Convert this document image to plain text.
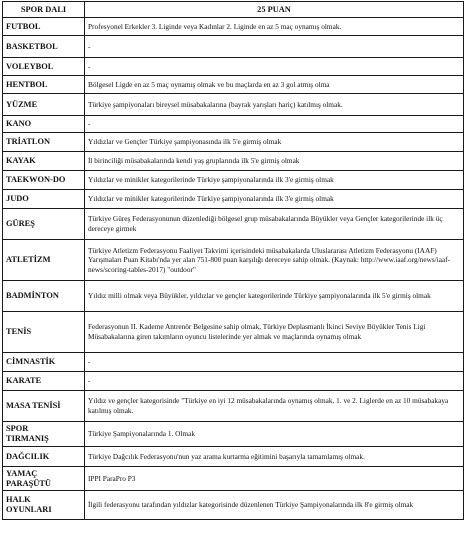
SPOR DALI	25 PUAN
FUTBOL	Profesyonel Erkekler 3. Liginde veya Kadınlar 2. Liginde en az 5 maç oynamış olmak.
BASKETBOL	-
VOLEYBOL	-
HENTBOL	Bölgesel Ligde en az 5 maç oynamış olmak ve bu maçlarda en az 3 gol atmış olma
YÜZME	Türkiye şampiyonaları bireysel müsabakalarına (bayrak yarışları hariç) katılmış olmak.
KANO	-
TRİATLON	Yıldızlar ve Gençler Türkiye şampiyonasında ilk 5'e girmiş olmak
KAYAK	İl birinciliği müsabakalarında kendi yaş gruplarında ilk 5'e girmiş olmak
TAEKWON-DO	Yıldızlar ve minikler kategorilerinde Türkiye şampiyonalarında ilk 3'e girmiş olmak
JUDO	Yıldızlar ve minikler kategorilerinde Türkiye şampiyonalarında ilk 3'e girmiş olmak
GÜREŞ	Türkiye Güreş Federasyonunun düzenlediği bölgesel grup müsabakalarında Büyükler veya Gençler kategorilerinde ilk üç dereceye girmek
ATLETİZM	Türkiye Atletizm Federasyonu Faaliyet Takvimi içerisindeki müsabakalarda Uluslararası Atletizm Federasyonu (IAAF) Yarışmaları Puan Kitabı'nda yer alan 751-800 puan karşılığı dereceye sahip olmak. (Kaynak: http://www.iaaf.org/news/iaaf-news/scoring-tables-2017) "outdoor"
BADMİNTON	Yıldız milli olmak veya Büyükler, yıldızlar ve gençler kategorilerinde Türkiye şampiyonalarında ilk 5'e girmiş olmak
TENİS	Federasyonun II. Kademe Antrenör Belgesine sahip olmak, Türkiye Deplasmanlı İkinci Seviye Büyükler Tenis Ligi Müsabakalarına giren takımların oyuncu listelerinde yer almak ve maçlarında oynamış olmak
CİMNASTİK	-
KARATE	-
MASA TENİSİ	Yıldız ve gençler kategorisinde "Türkiye en iyi 12 müsabakalarında oynamış olmak, 1. ve 2. Liglerde en az 10 müsabakaya katılmış olmak.
SPOR
TIRMANIŞ	Türkiye Şampiyonalarında 1. Olmak
DAĞCILIK	Türkiye Dağcılık Federasyonu'nun yaz arama kurtarma eğitimini başarıyla tamamlamış olmak.
YAMAÇ
PARAŞÜTÜ	IPPI ParaPro P3
HALK
OYUNLARI	İlgili federasyonu tarafından yıldızlar kategorisinde düzenlenen Türkiye Şampiyonalarında ilk 8'e girmiş olmak
